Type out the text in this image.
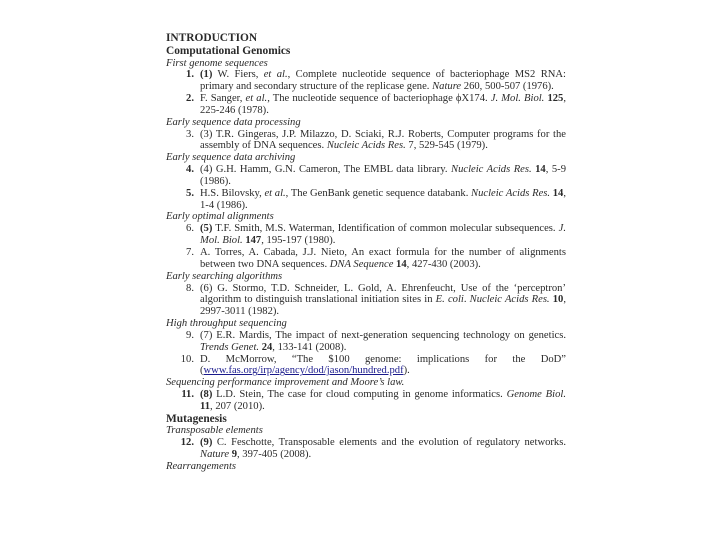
INTRODUCTION
Computational Genomics
First genome sequences
1. (1) W. Fiers, et al., Complete nucleotide sequence of bacteriophage MS2 RNA: primary and secondary structure of the replicase gene. Nature 260, 500-507 (1976).
2. F. Sanger, et al., The nucleotide sequence of bacteriophage ϕX174. J. Mol. Biol. 125, 225-246 (1978).
Early sequence data processing
3. (3) T.R. Gingeras, J.P. Milazzo, D. Sciaki, R.J. Roberts, Computer programs for the assembly of DNA sequences. Nucleic Acids Res. 7, 529-545 (1979).
Early sequence data archiving
4. (4) G.H. Hamm, G.N. Cameron, The EMBL data library. Nucleic Acids Res. 14, 5-9 (1986).
5. H.S. Bilovsky, et al., The GenBank genetic sequence databank. Nucleic Acids Res. 14, 1-4 (1986).
Early optimal alignments
6. (5) T.F. Smith, M.S. Waterman, Identification of common molecular subsequences. J. Mol. Biol. 147, 195-197 (1980).
7. A. Torres, A. Cabada, J.J. Nieto, An exact formula for the number of alignments between two DNA sequences. DNA Sequence 14, 427-430 (2003).
Early searching algorithms
8. (6) G. Stormo, T.D. Schneider, L. Gold, A. Ehrenfeucht, Use of the ‘perceptron’ algorithm to distinguish translational initiation sites in E. coli. Nucleic Acids Res. 10, 2997-3011 (1982).
High throughput sequencing
9. (7) E.R. Mardis, The impact of next-generation sequencing technology on genetics. Trends Genet. 24, 133-141 (2008).
10. D. McMorrow, “The $100 genome: implications for the DoD” (www.fas.org/irp/agency/dod/jason/hundred.pdf).
Sequencing performance improvement and Moore’s law.
11. (8) L.D. Stein, The case for cloud computing in genome informatics. Genome Biol. 11, 207 (2010).
Mutagenesis
Transposable elements
12. (9) C. Feschotte, Transposable elements and the evolution of regulatory networks. Nature 9, 397-405 (2008).
Rearrangements
